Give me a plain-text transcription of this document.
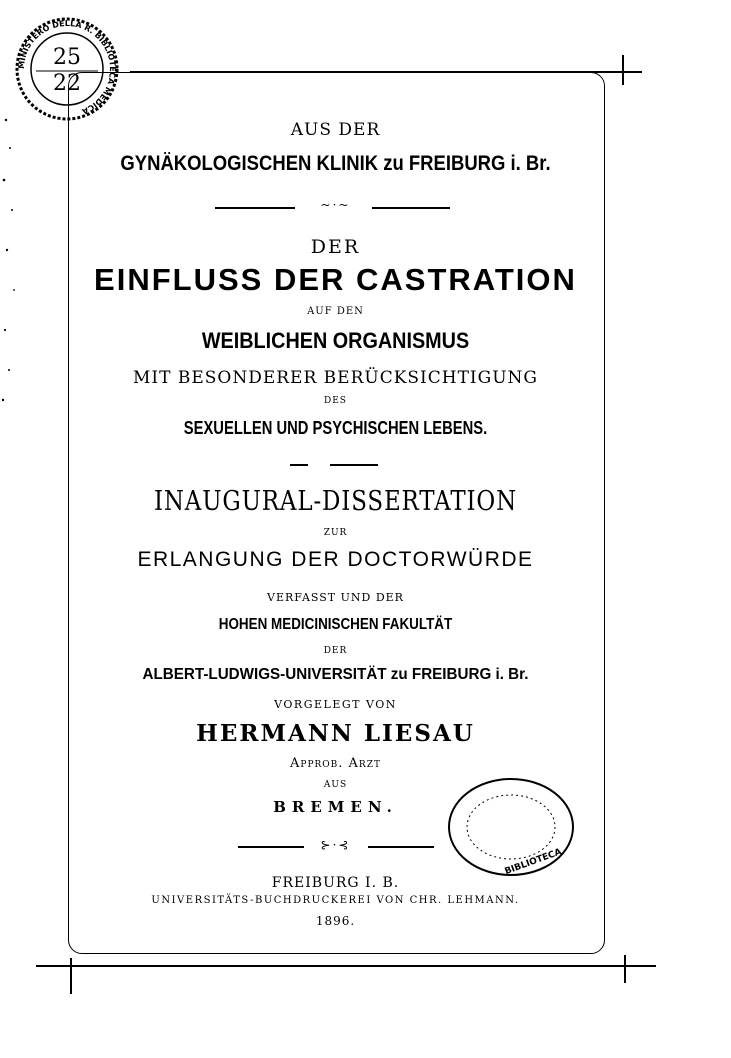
MINISTERO DELLA R. BIBLIOTECA MEDICA
25
22
AUS DER
GYNÄKOLOGISCHEN KLINIK zu FREIBURG i. Br.
~·~
DER
EINFLUSS DER CASTRATION
AUF DEN
WEIBLICHEN ORGANISMUS
MIT BESONDERER BERÜCKSICHTIGUNG
DES
SEXUELLEN UND PSYCHISCHEN LEBENS.
INAUGURAL-DISSERTATION
ZUR
ERLANGUNG DER DOCTORWÜRDE
VERFASST UND DER
HOHEN MEDICINISCHEN FAKULTÄT
DER
ALBERT-LUDWIGS-UNIVERSITÄT zu FREIBURG i. Br.
VORGELEGT VON
HERMANN LIESAU
Approb. Arzt
AUS
BREMEN.
BIBLIOTECA
⊱·⊰
FREIBURG I. B.
UNIVERSITÄTS-BUCHDRUCKEREI VON CHR. LEHMANN.
1896.
